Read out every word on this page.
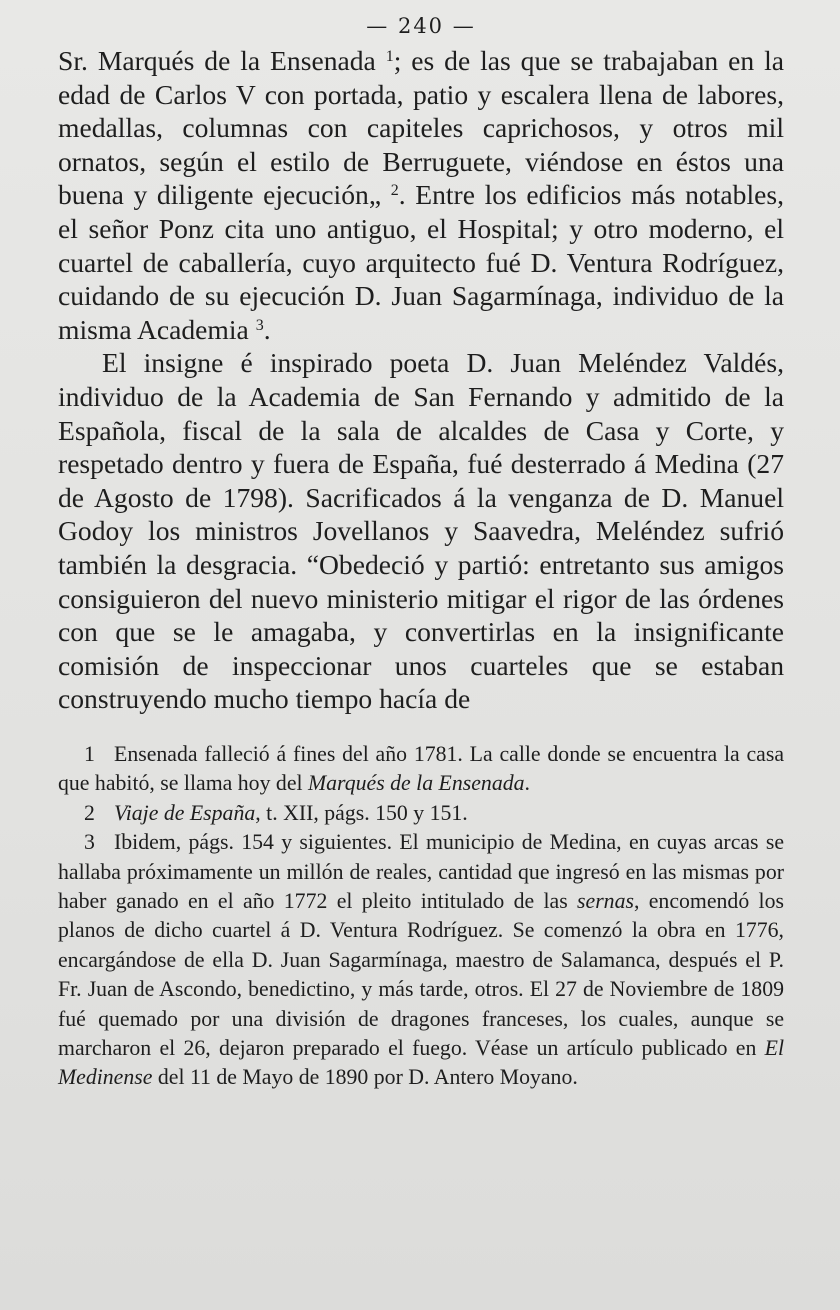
— 240 —

Sr. Marqués de la Ensenada $^1$; es de las que se trabajaban en la edad de Carlos V con portada, patio y escalera llena de labores, medallas, columnas con capiteles caprichosos, y otros mil ornatos, según el estilo de Berruguete, viéndose en éstos una buena y diligente ejecución„ $^2$. Entre los edificios más notables, el señor Ponz cita uno antiguo, el Hospital; y otro moderno, el cuartel de caballería, cuyo arquitecto fué D. Ventura Rodríguez, cuidando de su ejecución D. Juan Sagarmínaga, individuo de la misma Academia $^3$.

El insigne é inspirado poeta D. Juan Meléndez Valdés, individuo de la Academia de San Fernando y admitido de la Española, fiscal de la sala de alcaldes de Casa y Corte, y respetado dentro y fuera de España, fué desterrado á Medina (27 de Agosto de 1798). Sacrificados á la venganza de D. Manuel Godoy los ministros Jovellanos y Saavedra, Meléndez sufrió también la desgracia. “Obedeció y partió: entretanto sus amigos consiguieron del nuevo ministerio mitigar el rigor de las órdenes con que se le amagaba, y convertirlas en la insignificante comisión de inspeccionar unos cuarteles que se estaban construyendo mucho tiempo hacía de

1 Ensenada falleció á fines del año 1781. La calle donde se encuentra la casa que habitó, se llama hoy del Marqués de la Ensenada.

2 Viaje de España, t. XII, págs. 150 y 151.

3 Ibidem, págs. 154 y siguientes. El municipio de Medina, en cuyas arcas se hallaba próximamente un millón de reales, cantidad que ingresó en las mismas por haber ganado en el año 1772 el pleito intitulado de las sernas, encomendó los planos de dicho cuartel á D. Ventura Rodríguez. Se comenzó la obra en 1776, encargándose de ella D. Juan Sagarmínaga, maestro de Salamanca, después el P. Fr. Juan de Ascondo, benedictino, y más tarde, otros. El 27 de Noviembre de 1809 fué quemado por una división de dragones franceses, los cuales, aunque se marcharon el 26, dejaron preparado el fuego. Véase un artículo publicado en El Medinense del 11 de Mayo de 1890 por D. Antero Moyano.
